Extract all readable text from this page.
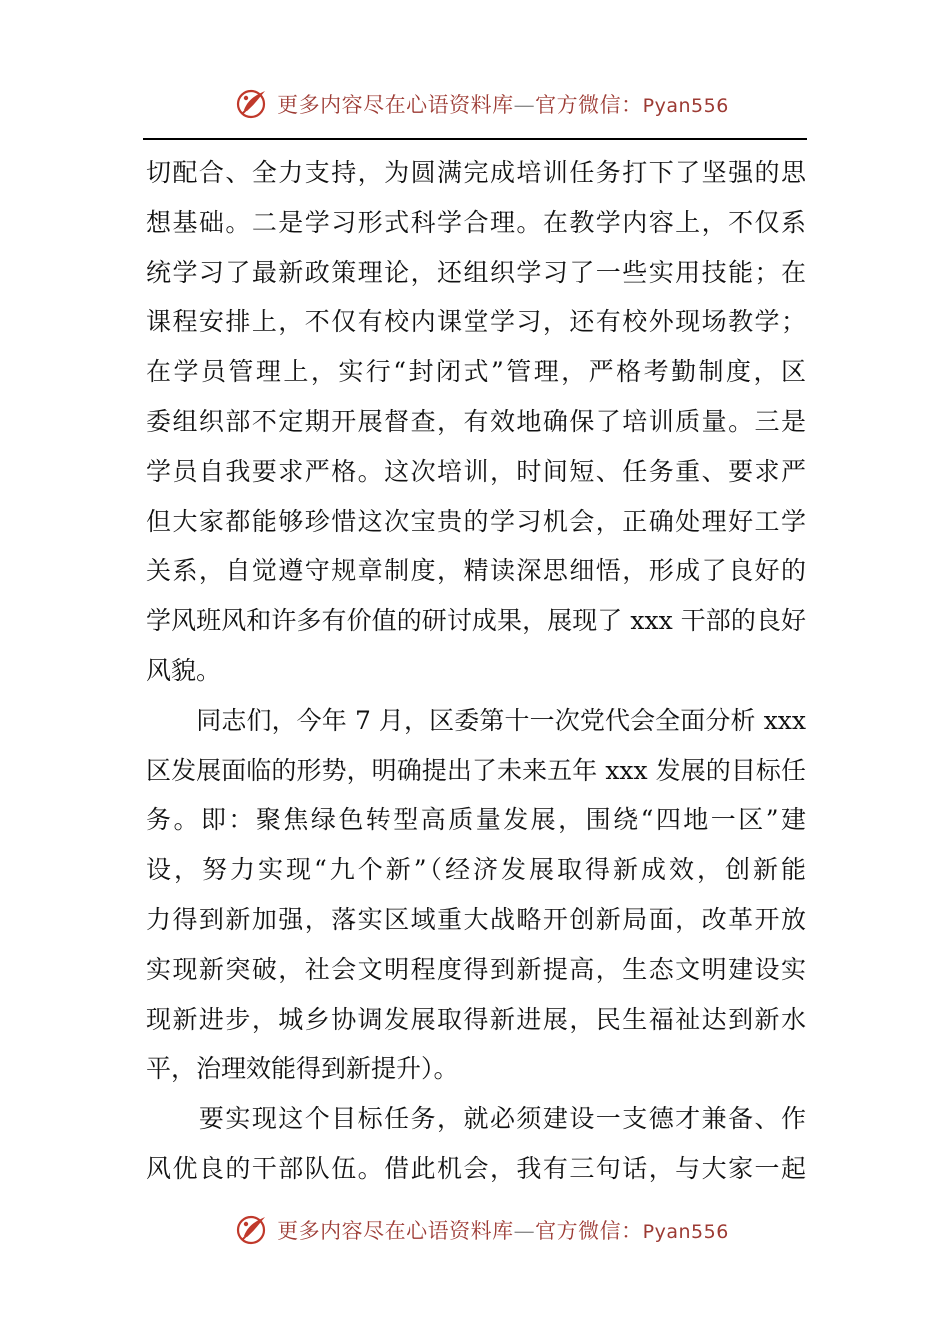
更多内容尽在心语资料库—官方微信：Pyan556
切配合、全力支持，为圆满完成培训任务打下了坚强的思
想基础。二是学习形式科学合理。在教学内容上，不仅系
统学习了最新政策理论，还组织学习了一些实用技能；在
课程安排上，不仅有校内课堂学习，还有校外现场教学；
在学员管理上，实行“封闭式”管理，严格考勤制度，区
委组织部不定期开展督查，有效地确保了培训质量。三是
学员自我要求严格。这次培训，时间短、任务重、要求严
但大家都能够珍惜这次宝贵的学习机会，正确处理好工学
关系，自觉遵守规章制度，精读深思细悟，形成了良好的
学风班风和许多有价值的研讨成果，展现了 xxx 干部的良好
风貌。
　　同志们，今年 7 月，区委第十一次党代会全面分析 xxx
区发展面临的形势，明确提出了未来五年 xxx 发展的目标任
务。即：聚焦绿色转型高质量发展，围绕“四地一区”建
设，努力实现“九个新”（经济发展取得新成效，创新能
力得到新加强，落实区域重大战略开创新局面，改革开放
实现新突破，社会文明程度得到新提高，生态文明建设实
现新进步，城乡协调发展取得新进展，民生福祉达到新水
平，治理效能得到新提升）。
　　要实现这个目标任务，就必须建设一支德才兼备、作
风优良的干部队伍。借此机会，我有三句话，与大家一起
更多内容尽在心语资料库—官方微信：Pyan556
